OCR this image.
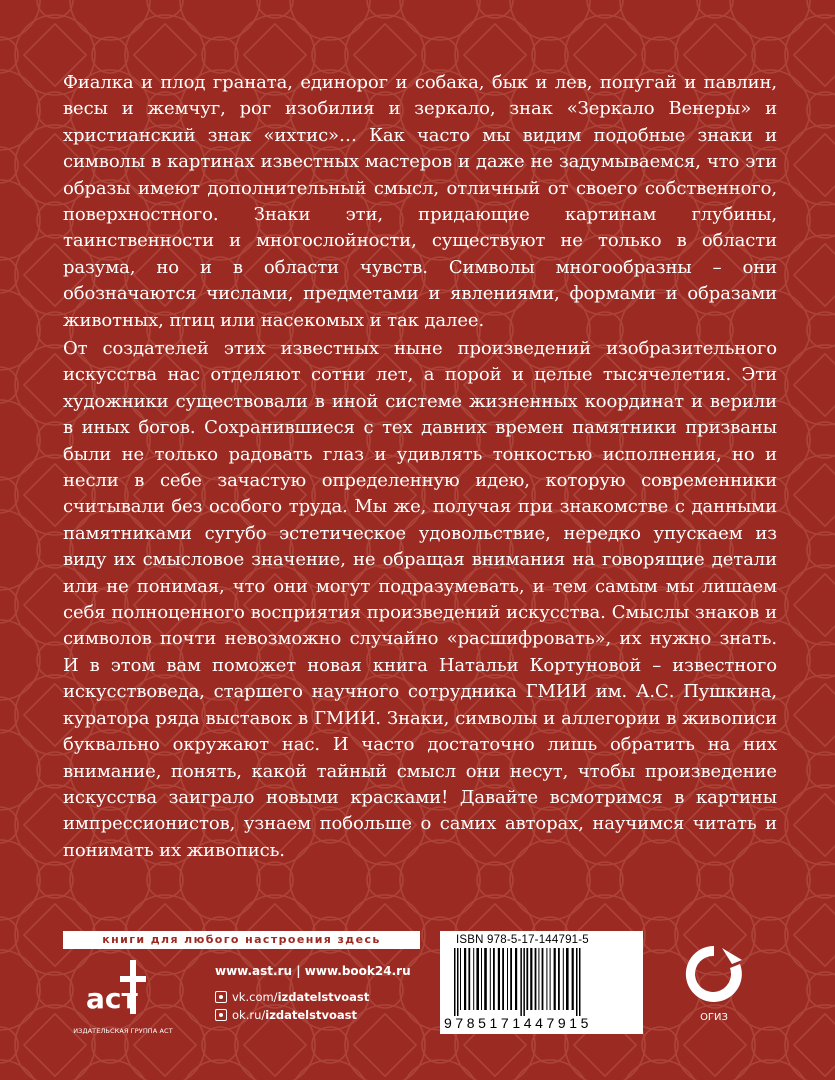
Фиалка и плод граната, единорог и собака, бык и лев, попугай и павлин, весы и жемчуг, рог изобилия и зеркало, знак «Зеркало Венеры» и христианский знак «ихтис»… Как часто мы видим подобные знаки и символы в картинах известных мастеров и даже не задумываемся, что эти образы имеют дополнительный смысл, отличный от своего собственного, поверхностного. Знаки эти, придающие картинам глубины, таинственности и многослойности, существуют не только в области разума, но и в области чувств. Символы многообразны – они обозначаются числами, предметами и явлениями, формами и образами животных, птиц или насекомых и так далее.

От создателей этих известных ныне произведений изобразительного искусства нас отделяют сотни лет, а порой и целые тысячелетия. Эти художники существовали в иной системе жизненных координат и верили в иных богов. Сохранившиеся с тех давних времен памятники призваны были не только радовать глаз и удивлять тонкостью исполнения, но и несли в себе зачастую определенную идею, которую современники считывали без особого труда. Мы же, получая при знакомстве с данными памятниками сугубо эстетическое удовольствие, нередко упускаем из виду их смысловое значение, не обращая внимания на говорящие детали или не понимая, что они могут подразумевать, и тем самым мы лишаем себя полноценного восприятия произведений искусства. Смыслы знаков и символов почти невозможно случайно «расшифровать», их нужно знать. И в этом вам поможет новая книга Натальи Кортуновой – известного искусствоведа, старшего научного сотрудника ГМИИ им. А.С. Пушкина, куратора ряда выставок в ГМИИ. Знаки, символы и аллегории в живописи буквально окружают нас. И часто достаточно лишь обратить на них внимание, понять, какой тайный смысл они несут, чтобы произведение искусства заиграло новыми красками! Давайте всмотримся в картины импрессионистов, узнаем побольше о самих авторах, научимся читать и понимать их живопись.

книги для любого настроения здесь
аст
ИЗДАТЕЛЬСКАЯ ГРУППА АСТ
www.ast.ru | www.book24.ru
vk.com/ izdatelstvoast
ok.ru/ izdatelstvoast
ISBN 978-5-17-144791-5
9785171447915	ОГИЗ
